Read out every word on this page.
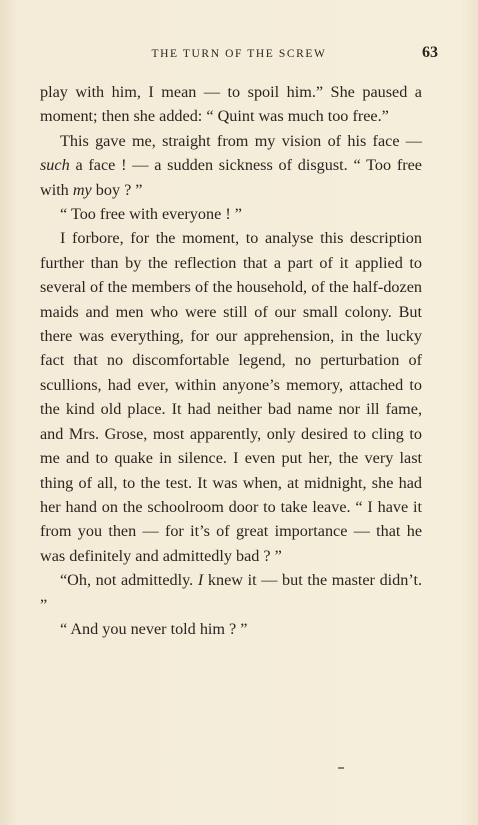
THE TURN OF THE SCREW	63

play with him, I mean — to spoil him.” She paused a moment; then she added: “ Quint was much too free.”

This gave me, straight from my vision of his face — such a face ! — a sudden sickness of disgust. “ Too free with my boy ? ”

“ Too free with everyone ! ”

I forbore, for the moment, to analyse this description further than by the reflection that a part of it applied to several of the members of the household, of the half-dozen maids and men who were still of our small colony. But there was everything, for our apprehension, in the lucky fact that no discomfortable legend, no perturbation of scullions, had ever, within anyone’s memory, attached to the kind old place. It had neither bad name nor ill fame, and Mrs. Grose, most apparently, only desired to cling to me and to quake in silence. I even put her, the very last thing of all, to the test. It was when, at midnight, she had her hand on the schoolroom door to take leave. “ I have it from you then — for it’s of great importance — that he was definitely and admittedly bad ? ”

“Oh, not admittedly. I knew it — but the master didn’t. ”

“ And you never told him ? ”
